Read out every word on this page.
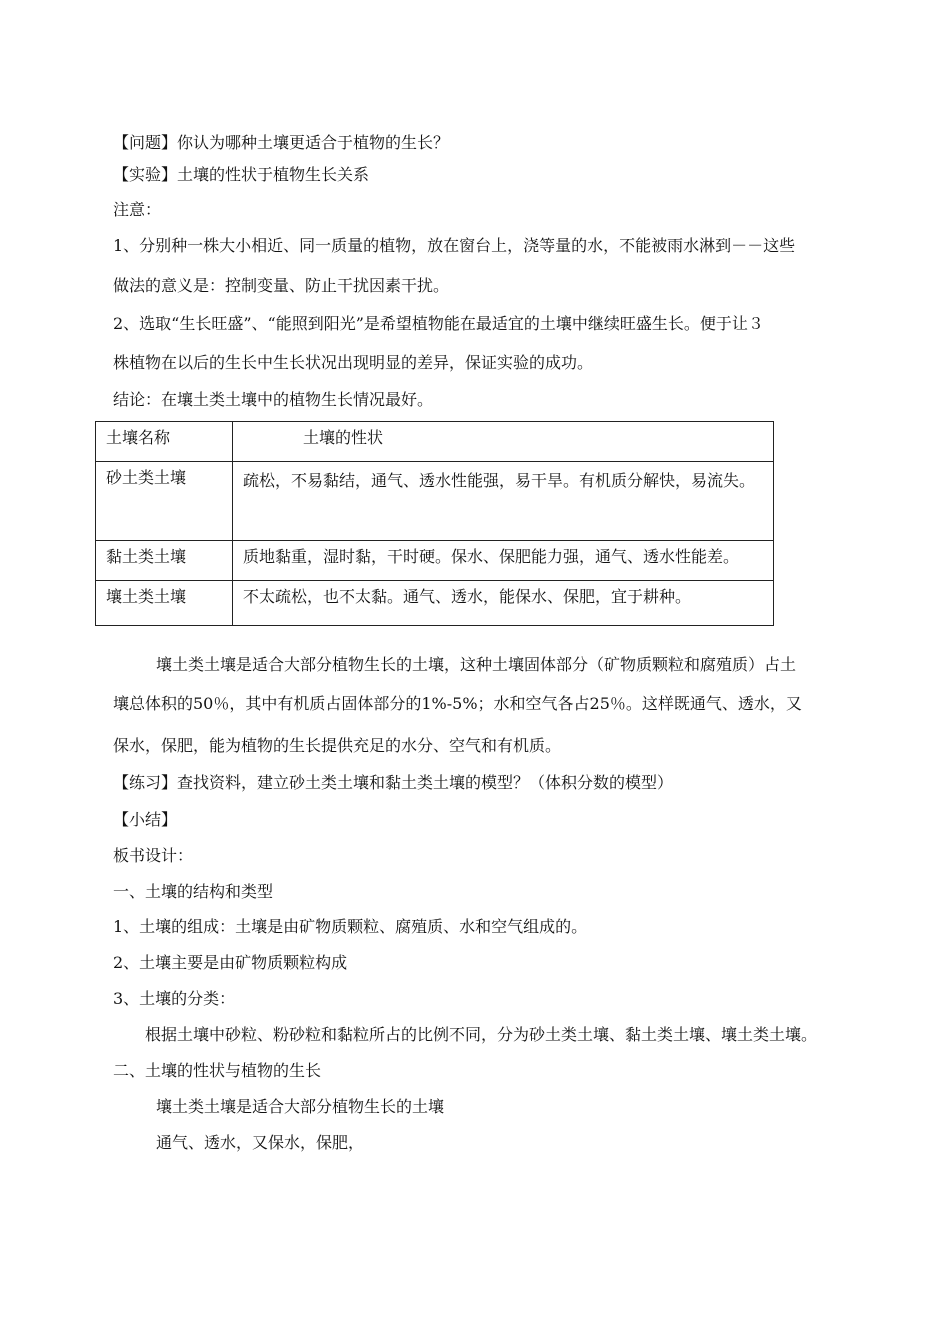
【问题】你认为哪种土壤更适合于植物的生长？
【实验】土壤的性状于植物生长关系
注意：
1、分别种一株大小相近、同一质量的植物，放在窗台上，浇等量的水，不能被雨水淋到－－这些
做法的意义是：控制变量、防止干扰因素干扰。
2、选取“生长旺盛”、“能照到阳光”是希望植物能在最适宜的土壤中继续旺盛生长。便于让３
株植物在以后的生长中生长状况出现明显的差异，保证实验的成功。
结论：在壤土类土壤中的植物生长情况最好。
土壤名称	土壤的性状
砂土类土壤	疏松，不易黏结，通气、透水性能强，易干旱。有机质分解快，易流失。
黏土类土壤	质地黏重，湿时黏，干时硬。保水、保肥能力强，通气、透水性能差。
壤土类土壤	不太疏松，也不太黏。通气、透水，能保水、保肥，宜于耕种。
壤土类土壤是适合大部分植物生长的土壤，这种土壤固体部分（矿物质颗粒和腐殖质）占土
壤总体积的50％，其中有机质占固体部分的1%-5%；水和空气各占25％。这样既通气、透水，又
保水，保肥，能为植物的生长提供充足的水分、空气和有机质。
【练习】查找资料，建立砂土类土壤和黏土类土壤的模型？（体积分数的模型）
【小结】
板书设计：
一、土壤的结构和类型
1、土壤的组成：土壤是由矿物质颗粒、腐殖质、水和空气组成的。
2、土壤主要是由矿物质颗粒构成
3、土壤的分类：
根据土壤中砂粒、粉砂粒和黏粒所占的比例不同，分为砂土类土壤、黏土类土壤、壤土类土壤。
二、土壤的性状与植物的生长
壤土类土壤是适合大部分植物生长的土壤
通气、透水，又保水，保肥，
